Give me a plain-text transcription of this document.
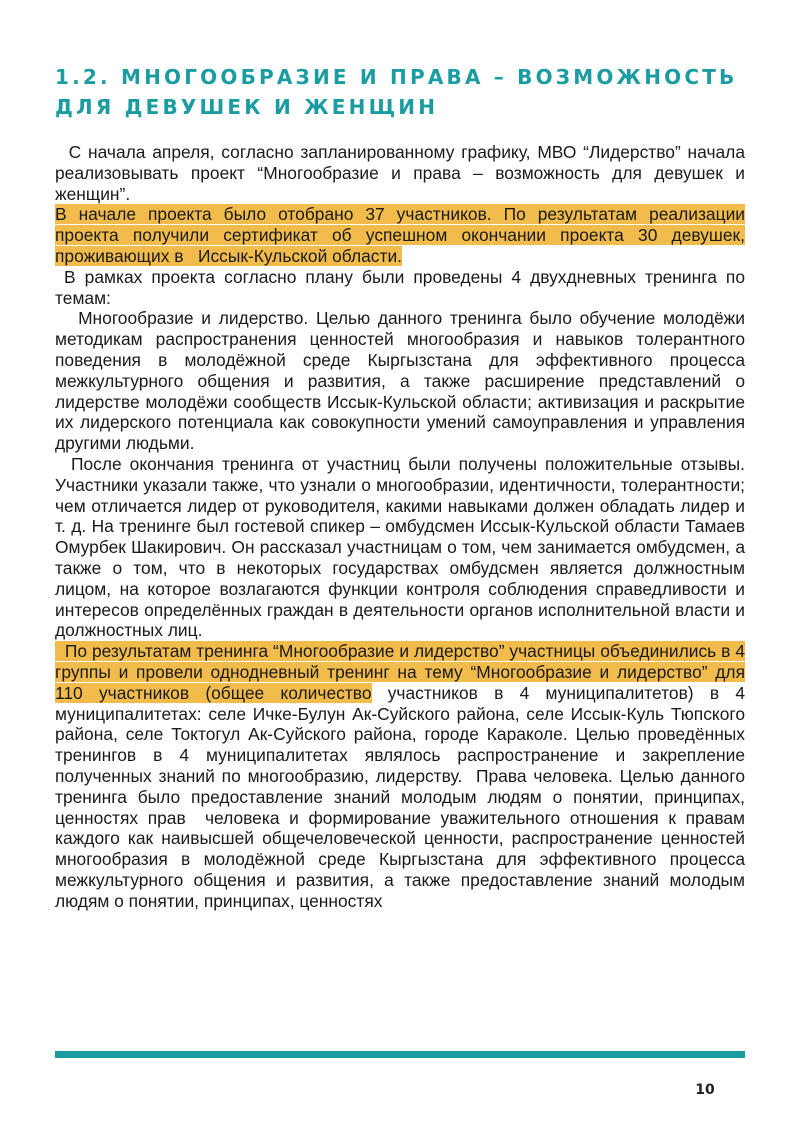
1.2. МНОГООБРАЗИЕ И ПРАВА – ВОЗМОЖНОСТЬ ДЛЯ ДЕВУШЕК И ЖЕНЩИН

С начала апреля, согласно запланированному графику, МВО “Лидерство” начала реализовывать проект “Многообразие и права – возможность для девушек и женщин”.

В начале проекта было отобрано 37 участников. По результатам реализации проекта получили сертификат об успешном окончании проекта 30 девушек, проживающих в   Иссык-Кульской области.

В рамках проекта согласно плану были проведены 4 двухдневных тренинга по темам:

Многообразие и лидерство. Целью данного тренинга было обучение молодёжи методикам распространения ценностей многообразия и навыков толерантного поведения в молодёжной среде Кыргызстана для эффективного процесса межкультурного общения и развития, а также расширение представлений о лидерстве молодёжи сообществ Иссык-Кульской области; активизация и раскрытие их лидерского потенциала как совокупности умений самоуправления и управления другими людьми.

После окончания тренинга от участниц были получены положительные отзывы. Участники указали также, что узнали о многообразии, идентичности, толерантности; чем отличается лидер от руководителя, какими навыками должен обладать лидер и т. д. На тренинге был гостевой спикер – омбудсмен Иссык-Кульской области Тамаев Омурбек Шакирович. Он рассказал участницам о том, чем занимается омбудсмен, а также о том, что в некоторых государствах омбудсмен является должностным лицом, на которое возлагаются функции контроля соблюдения справедливости и интересов определённых граждан в деятельности органов исполнительной власти и должностных лиц.

По результатам тренинга “Многообразие и лидерство” участницы объединились в 4 группы и провели однодневный тренинг на тему “Многообразие и лидерство” для 110 участников (общее количество участников в 4 муниципалитетов) в 4 муниципалитетах: селе Ичке-Булун Ак-Суйского района, селе Иссык-Куль Тюпского района, селе Токтогул Ак-Суйского района, городе Караколе. Целью проведённых тренингов в 4 муниципалитетах являлось распространение и закрепление полученных знаний по многообразию, лидерству.  Права человека. Целью данного тренинга было предоставление знаний молодым людям о понятии, принципах, ценностях прав  человека и формирование уважительного отношения к правам каждого как наивысшей общечеловеческой ценности, распространение ценностей многообразия в молодёжной среде Кыргызстана для эффективного процесса межкультурного общения и развития, а также предоставление знаний молодым людям о понятии, принципах, ценностях

10
